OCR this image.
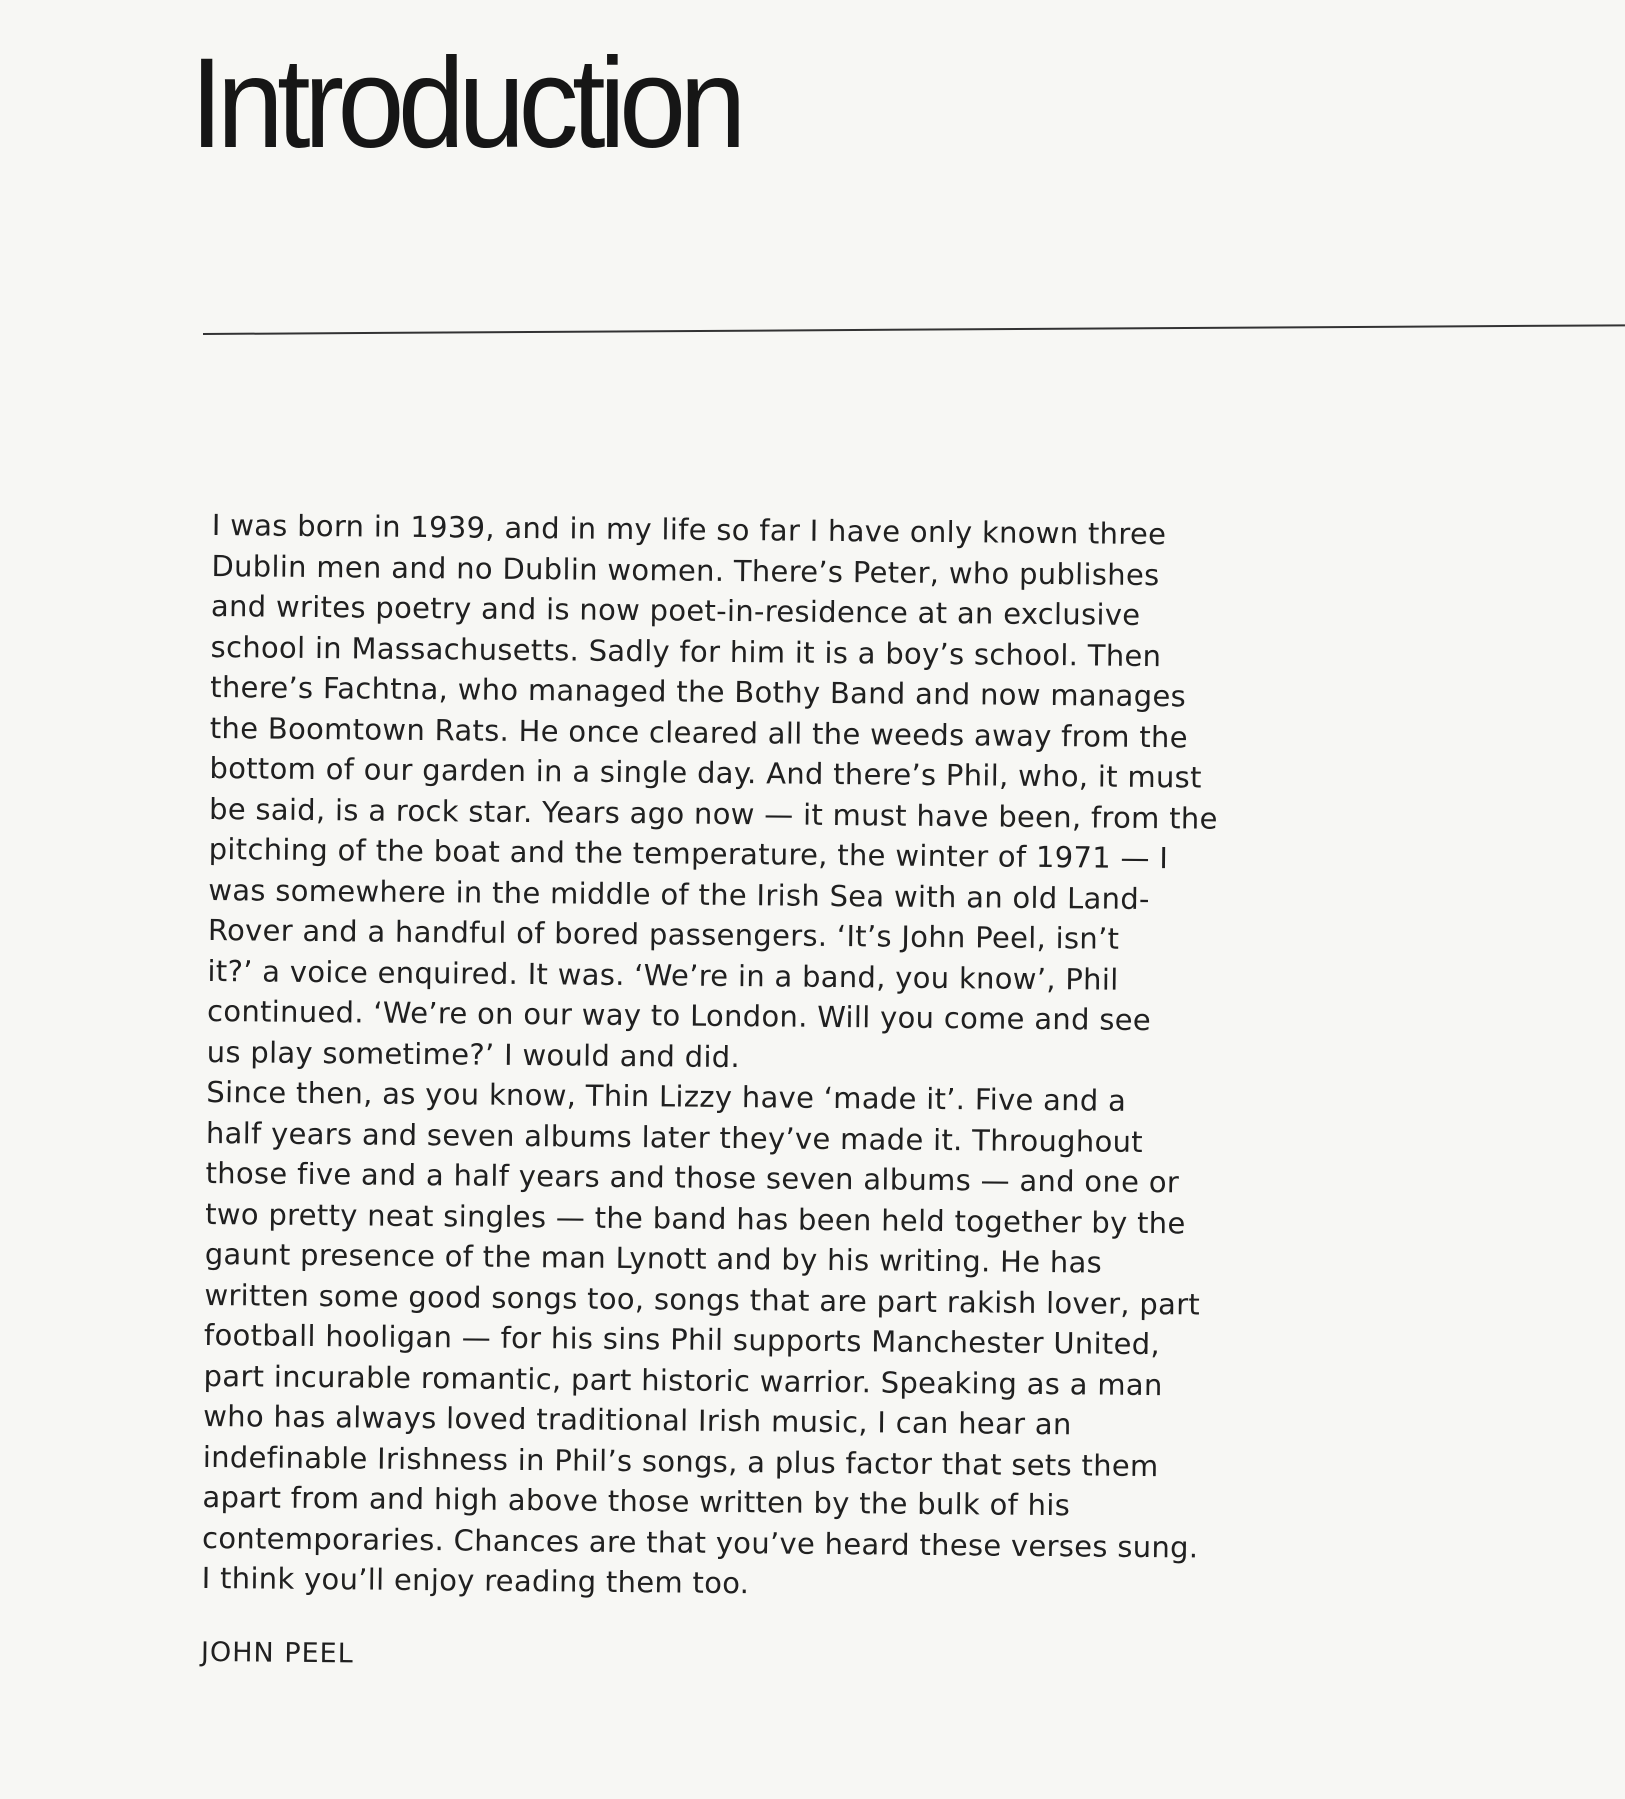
Introduction
I was born in 1939, and in my life so far I have only known three
Dublin men and no Dublin women. There’s Peter, who publishes
and writes poetry and is now poet-in-residence at an exclusive
school in Massachusetts. Sadly for him it is a boy’s school. Then
there’s Fachtna, who managed the Bothy Band and now manages
the Boomtown Rats. He once cleared all the weeds away from the
bottom of our garden in a single day. And there’s Phil, who, it must
be said, is a rock star. Years ago now — it must have been, from the
pitching of the boat and the temperature, the winter of 1971 — I
was somewhere in the middle of the Irish Sea with an old Land-
Rover and a handful of bored passengers. ‘It’s John Peel, isn’t
it?’ a voice enquired. It was. ‘We’re in a band, you know’, Phil
continued. ‘We’re on our way to London. Will you come and see
us play sometime?’ I would and did.
Since then, as you know, Thin Lizzy have ‘made it’. Five and a
half years and seven albums later they’ve made it. Throughout
those five and a half years and those seven albums — and one or
two pretty neat singles — the band has been held together by the
gaunt presence of the man Lynott and by his writing. He has
written some good songs too, songs that are part rakish lover, part
football hooligan — for his sins Phil supports Manchester United,
part incurable romantic, part historic warrior. Speaking as a man
who has always loved traditional Irish music, I can hear an
indefinable Irishness in Phil’s songs, a plus factor that sets them
apart from and high above those written by the bulk of his
contemporaries. Chances are that you’ve heard these verses sung.
I think you’ll enjoy reading them too.
JOHN PEEL
